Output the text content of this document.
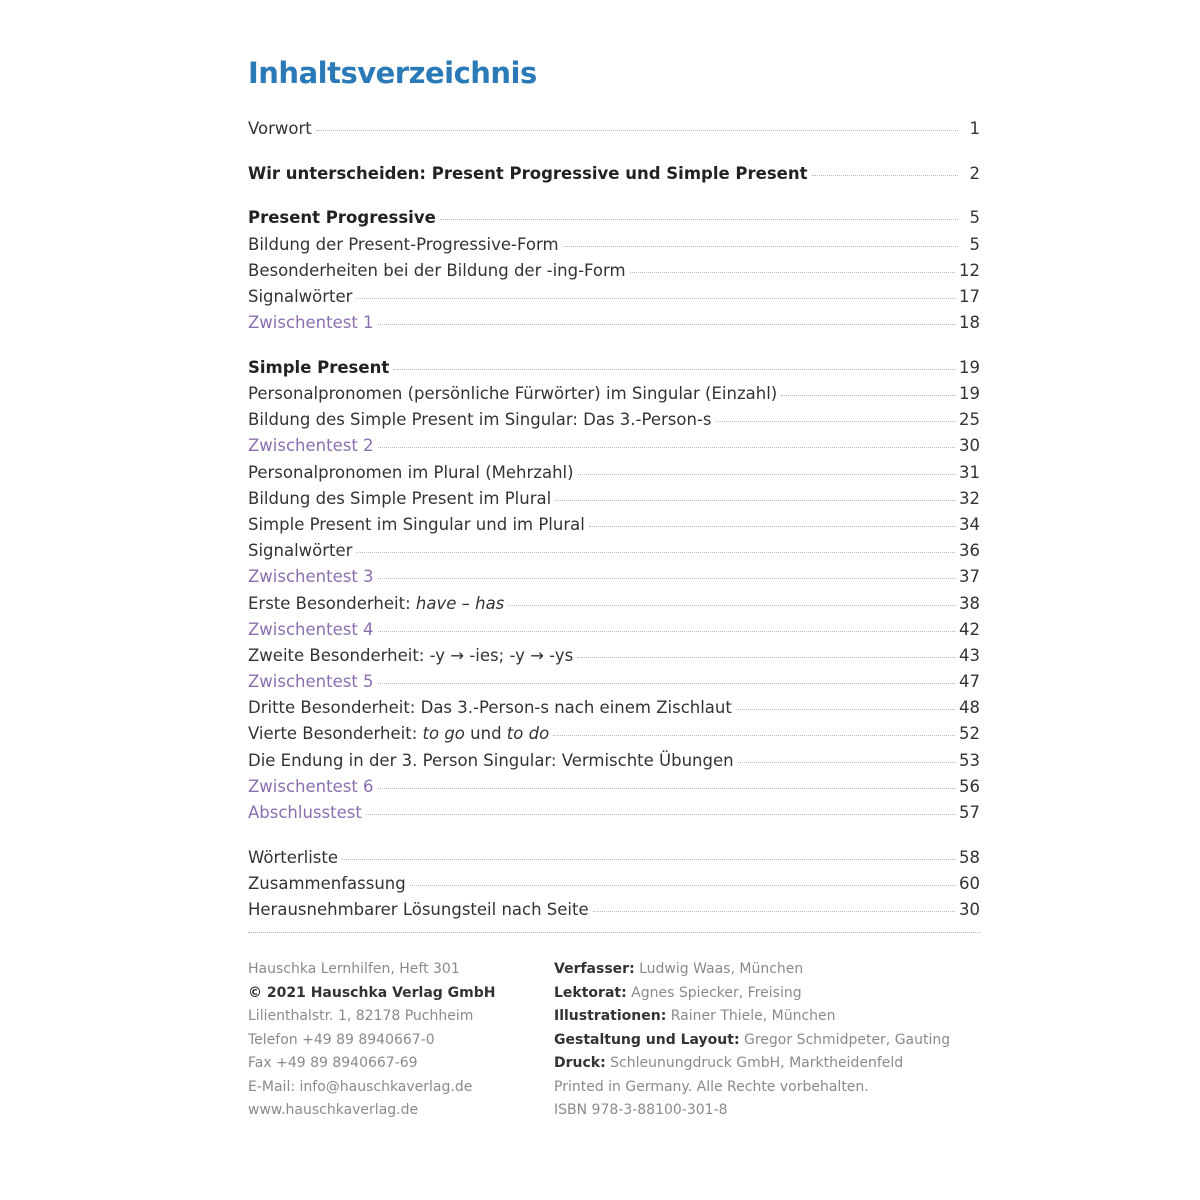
Inhaltsverzeichnis
Vorwort	1
Wir unterscheiden: Present Progressive und Simple Present	2
Present Progressive	5
Bildung der Present-Progressive-Form	5
Besonderheiten bei der Bildung der -ing-Form	12
Signalwörter	17
Zwischentest 1	18
Simple Present	19
Personalpronomen (persönliche Fürwörter) im Singular (Einzahl)	19
Bildung des Simple Present im Singular: Das 3.-Person-s	25
Zwischentest 2	30
Personalpronomen im Plural (Mehrzahl)	31
Bildung des Simple Present im Plural	32
Simple Present im Singular und im Plural	34
Signalwörter	36
Zwischentest 3	37
Erste Besonderheit: have – has	38
Zwischentest 4	42
Zweite Besonderheit: -y → -ies; -y → -ys	43
Zwischentest 5	47
Dritte Besonderheit: Das 3.-Person-s nach einem Zischlaut	48
Vierte Besonderheit: to go und to do	52
Die Endung in der 3. Person Singular: Vermischte Übungen	53
Zwischentest 6	56
Abschlusstest	57
Wörterliste	58
Zusammenfassung	60
Herausnehmbarer Lösungsteil nach Seite	30
Hauschka Lernhilfen, Heft 301
© 2021 Hauschka Verlag GmbH
Lilienthalstr. 1, 82178 Puchheim
Telefon +49 89 8940667-0
Fax +49 89 8940667-69
E-Mail: info@hauschkaverlag.de
www.hauschkaverlag.de
Verfasser: Ludwig Waas, München
Lektorat: Agnes Spiecker, Freising
Illustrationen: Rainer Thiele, München
Gestaltung und Layout: Gregor Schmidpeter, Gauting
Druck: Schleunungdruck GmbH, Marktheidenfeld
Printed in Germany. Alle Rechte vorbehalten.
ISBN 978-3-88100-301-8
